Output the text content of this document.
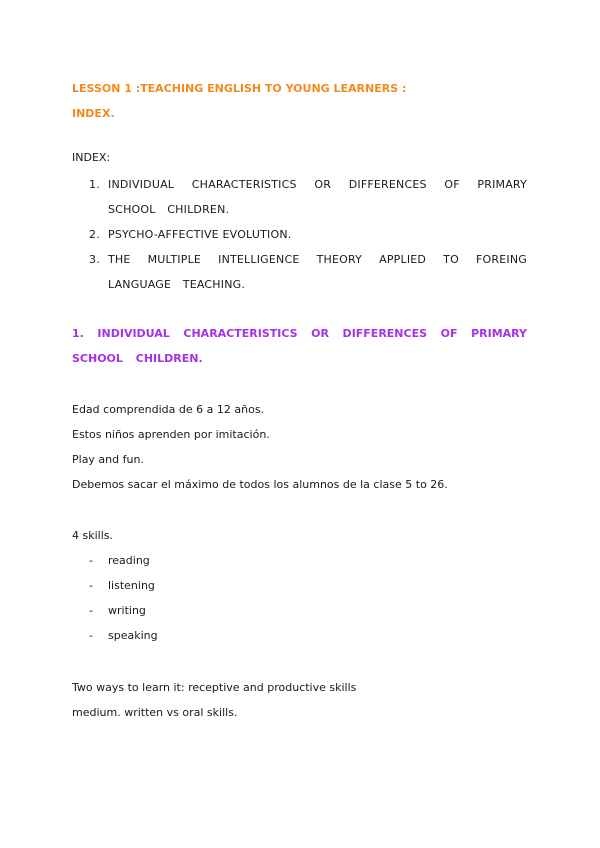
LESSON 1 :TEACHING ENGLISH TO YOUNG LEARNERS :
INDEX.

INDEX:

1. INDIVIDUAL CHARACTERISTICS OR DIFFERENCES OF PRIMARY SCHOOL CHILDREN.
2. PSYCHO-AFFECTIVE EVOLUTION.
3. THE MULTIPLE INTELLIGENCE THEORY APPLIED TO FOREING LANGUAGE TEACHING.
1. INDIVIDUAL CHARACTERISTICS OR DIFFERENCES OF PRIMARY SCHOOL CHILDREN.

Edad comprendida de 6 a 12 años.

Estos niños aprenden por imitación.

Play and fun.

Debemos sacar el máximo de todos los alumnos de la clase 5 to 26.

4 skills.

- reading
- listening
- writing
- speaking

Two ways to learn it: receptive and productive skills

medium. written vs oral skills.
